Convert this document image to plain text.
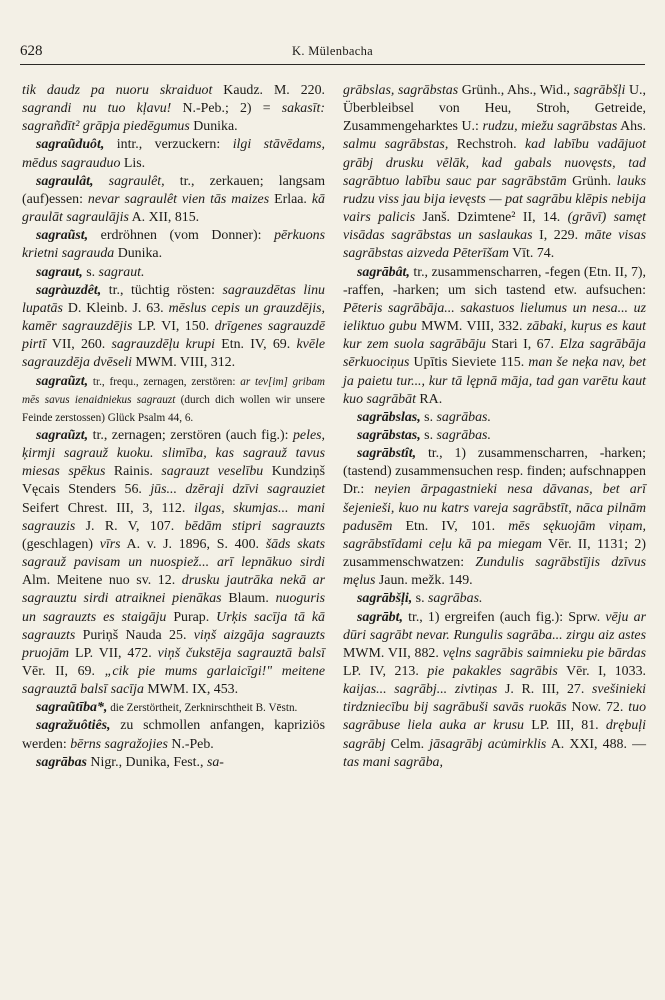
628	K. Mülenbacha

tik daudz pa nuoru skraiduot Kaudz. M. 220. sagrandi nu tuo kļavu! N.-Peb.; 2) = sakasīt: sagrañdīt² grāpja piedēgumus Dunika.

sagraũduôt, intr., verzuckern: ilgi stāvēdams, mēdus sagrauduo Lis.

sagraulât, sagraulêt, tr., zerkauen; langsam (auf)essen: nevar sagraulêt vien tās maizes Erlaa. kā graulāt sagraulājis A. XII, 815.

sagraũst, erdröhnen (vom Donner): pērkuons krietni sagrauda Dunika.

sagraut, s. sagraut.

sagràuzdêt, tr., tüchtig rösten: sagrauzdētas linu lupatās D. Kleinb. J. 63. mēslus cepis un grauzdējis, kamēr sagrauzdējis LP. VI, 150. drīgenes sagrauzdē pirtī VII, 260. sagrauzdēļu krupi Etn. IV, 69. kvēle sagrauzdēja dvēseli MWM. VIII, 312.

sagraũzt, tr., frequ., zernagen, zerstören: ar tev[im] gribam mēs savus ienaidniekus sagrauzt (durch dich wollen wir unsere Feinde zerstossen) Glück Psalm 44, 6.

sagraũzt, tr., zernagen; zerstören (auch fig.): peles, ķirmji sagrauž kuoku. slimība, kas sagrauž tavus miesas spēkus Rainis. sagrauzt veselību Kundziņš Vęcais Stenders 56. jūs... dzēraji dzīvi sagrauziet Seifert Chrest. III, 3, 112. ilgas, skumjas... mani sagrauzis J. R. V, 107. bēdām stipri sagrauzts (geschlagen) vīrs A. v. J. 1896, S. 400. šāds skats sagrauž pavisam un nuospiež... arī lepnākuo sirdi Alm. Meitene nuo sv. 12. drusku jautrāka nekā ar sagrauztu sirdi atraiknei pienākas Blaum. nuoguris un sagrauzts es staigāju Purap. Urķis sacīja tā kā sagrauzts Puriņš Nauda 25. viņš aizgāja sagrauzts pruojām LP. VII, 472. viņš čukstēja sagrauztā balsī Vēr. II, 69. „cik pie mums garlaicīgi!" meitene sagrauztā balsī sacīja MWM. IX, 453.

sagraũtība*, die Zerstörtheit, Zerknirschtheit B. Vēstn.

sagražuôtiês, zu schmollen anfangen, kapriziös werden: bērns sagražojies N.-Peb.

sagrābas Nigr., Dunika, Fest., sa-

grābslas, sagrābstas Grünh., Ahs., Wid., sagrābšļi U., Überbleibsel von Heu, Stroh, Getreide, Zusammengeharktes U.: rudzu, miežu sagrābstas Ahs. salmu sagrābstas, Rechstroh. kad labību vadājuot grābj drusku vēlāk, kad gabals nuovęsts, tad sagrābtuo labību sauc par sagrābstām Grünh. lauks rudzu viss jau bija ievęsts — pat sagrābu klēpis nebija vairs palicis Janš. Dzimtene² II, 14. (grāvī) samęt visādas sagrābstas un saslaukas I, 229. māte visas sagrābstas aizveda Pēterīšam Vīt. 74.

sagrābât, tr., zusammenscharren, -fegen (Etn. II, 7), -raffen, -harken; um sich tastend etw. aufsuchen: Pēteris sagrābāja... sakastuos lielumus un nesa... uz ieliktuo gubu MWM. VIII, 332. zābaki, kuŗus es kaut kur zem suola sagrābāju Stari I, 67. Elza sagrābāja sērkuociņus Upītis Sieviete 115. man še ne̦ka nav, bet ja paietu tur..., kur tā lępnā māja, tad gan varētu kaut kuo sagrābāt RA.

sagrābslas, s. sagrābas.

sagrābstas, s. sagrābas.

sagrābstît, tr., 1) zusammenscharren, -harken; (tastend) zusammensuchen resp. finden; aufschnappen Dr.: ne̦vien ārpagastnieki nesa dāvanas, bet arī šejenieši, kuo nu katrs vareja sagrābstīt, nāca pilnām padusēm Etn. IV, 101. mēs sękuojām viņam, sagrābstīdami ceļu kā pa miegam Vēr. II, 1131; 2) zusammenschwatzen: Zundulis sagrābstījis dzīvus męlus Jaun. mežk. 149.

sagrābšļi, s. sagrābas.

sagrābt, tr., 1) ergreifen (auch fig.): Sprw. vēju ar dūri sagrābt nevar. Rungulis sagrāba... zirgu aiz astes MWM. VII, 882. vęlns sagrābis saimnieku pie bārdas LP. IV, 213. pie pakakles sagrābis Vēr. I, 1033. kaijas... sagrābj... zivtiņas J. R. III, 27. svešinieki tirdzniecību bij sagrābuši savās ruokās Now. 72. tuo sagrābuse liela auka ar krusu LP. III, 81. drębuļi sagrābj Celm. jāsagrābj acu̇mirklis A. XXI, 488. — tas mani sagrāba,
